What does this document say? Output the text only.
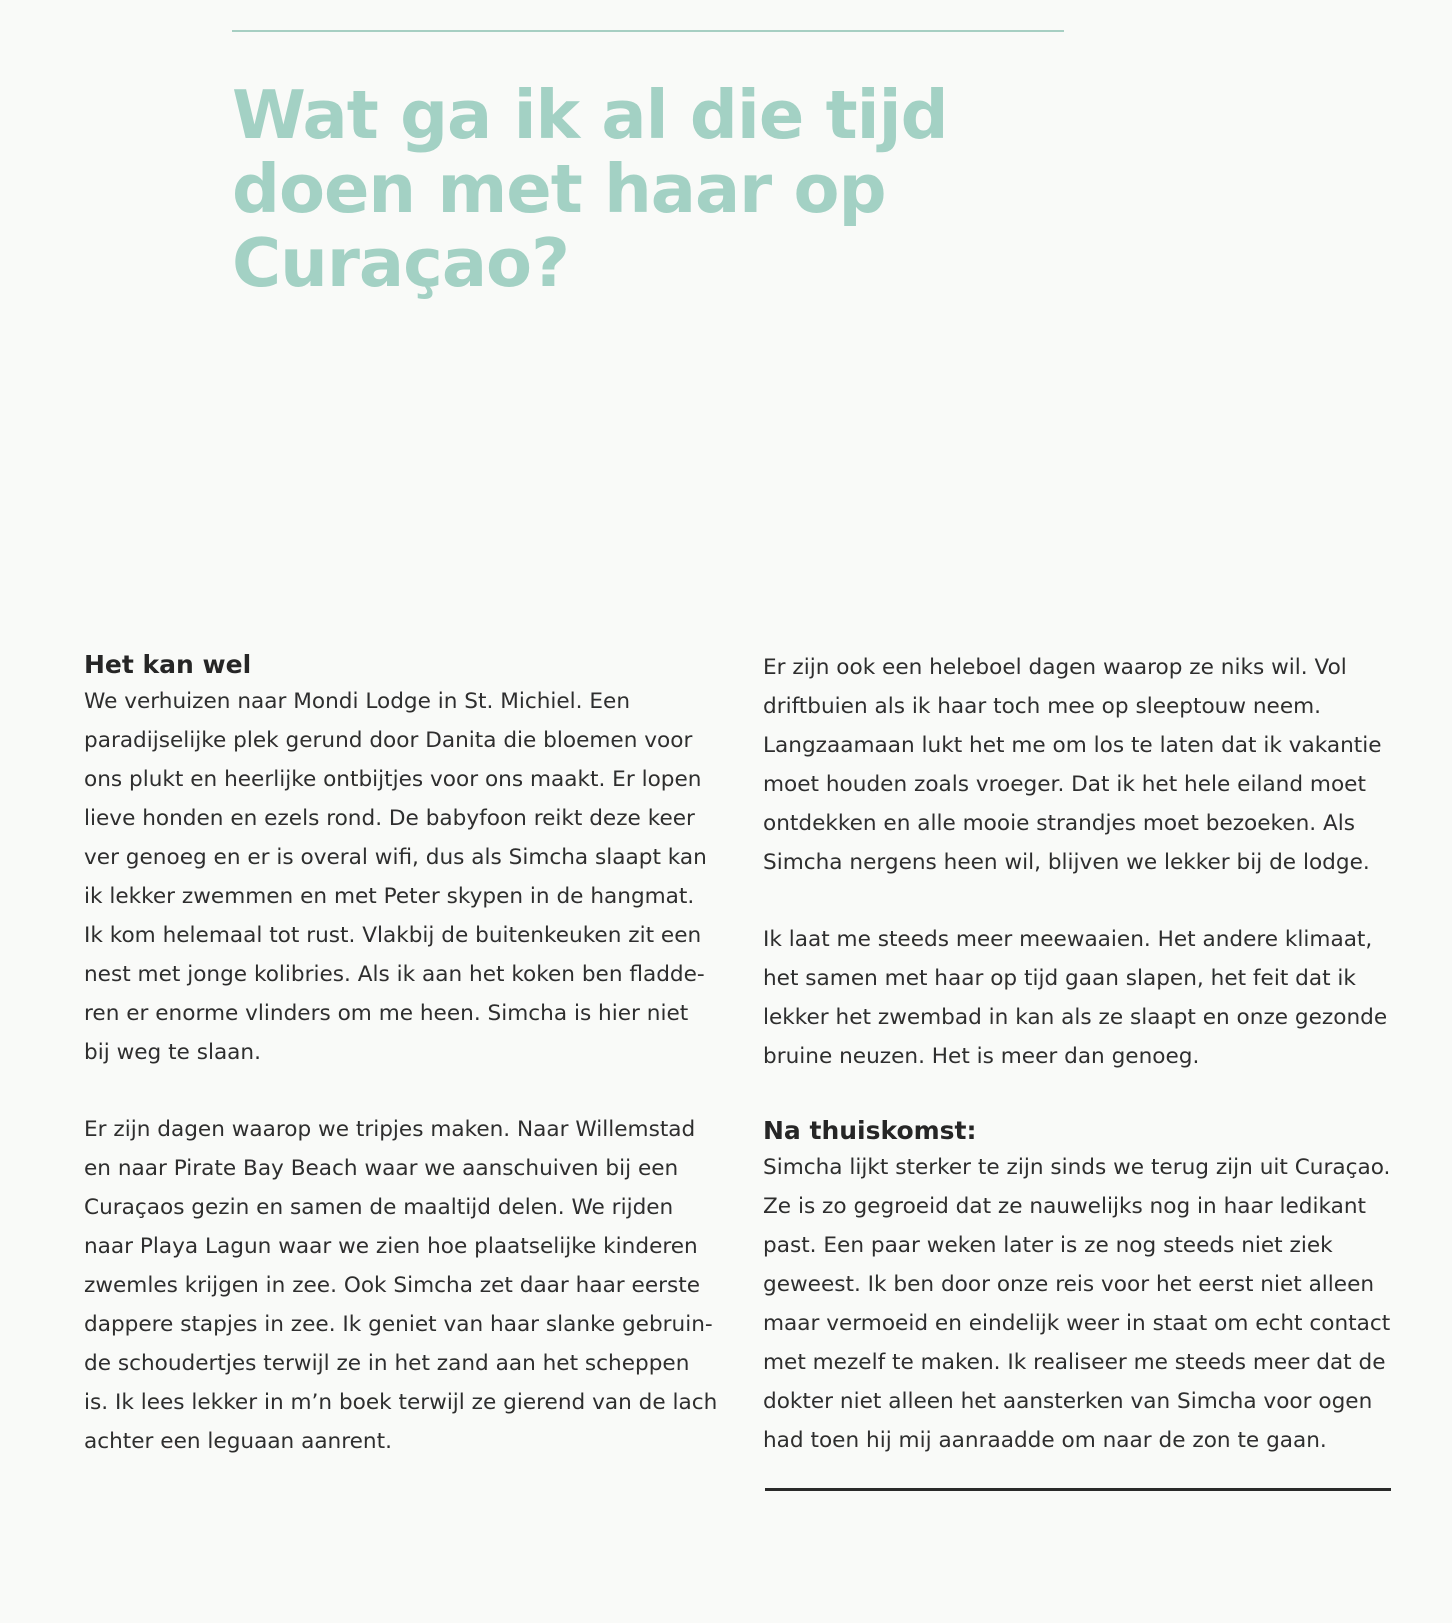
Wat ga ik al die tijd
doen met haar op
Curaçao?
Het kan wel
We verhuizen naar Mondi Lodge in St. Michiel. Een
paradijselijke plek gerund door Danita die bloemen voor
ons plukt en heerlijke ontbijtjes voor ons maakt. Er lopen
lieve honden en ezels rond. De babyfoon reikt deze keer
ver genoeg en er is overal wifi, dus als Simcha slaapt kan
ik lekker zwemmen en met Peter skypen in de hangmat.
Ik kom helemaal tot rust. Vlakbij de buitenkeuken zit een
nest met jonge kolibries. Als ik aan het koken ben fladde-
ren er enorme vlinders om me heen. Simcha is hier niet
bij weg te slaan.
Er zijn dagen waarop we tripjes maken. Naar Willemstad
en naar Pirate Bay Beach waar we aanschuiven bij een
Curaçaos gezin en samen de maaltijd delen. We rijden
naar Playa Lagun waar we zien hoe plaatselijke kinderen
zwemles krijgen in zee. Ook Simcha zet daar haar eerste
dappere stapjes in zee. Ik geniet van haar slanke gebruin-
de schoudertjes terwijl ze in het zand aan het scheppen
is. Ik lees lekker in m’n boek terwijl ze gierend van de lach
achter een leguaan aanrent.
Er zijn ook een heleboel dagen waarop ze niks wil. Vol
driftbuien als ik haar toch mee op sleeptouw neem.
Langzaamaan lukt het me om los te laten dat ik vakantie
moet houden zoals vroeger. Dat ik het hele eiland moet
ontdekken en alle mooie strandjes moet bezoeken. Als
Simcha nergens heen wil, blijven we lekker bij de lodge.
Ik laat me steeds meer meewaaien. Het andere klimaat,
het samen met haar op tijd gaan slapen, het feit dat ik
lekker het zwembad in kan als ze slaapt en onze gezonde
bruine neuzen. Het is meer dan genoeg.
Na thuiskomst:
Simcha lijkt sterker te zijn sinds we terug zijn uit Curaçao.
Ze is zo gegroeid dat ze nauwelijks nog in haar ledikant
past. Een paar weken later is ze nog steeds niet ziek
geweest. Ik ben door onze reis voor het eerst niet alleen
maar vermoeid en eindelijk weer in staat om echt contact
met mezelf te maken. Ik realiseer me steeds meer dat de
dokter niet alleen het aansterken van Simcha voor ogen
had toen hij mij aanraadde om naar de zon te gaan.
